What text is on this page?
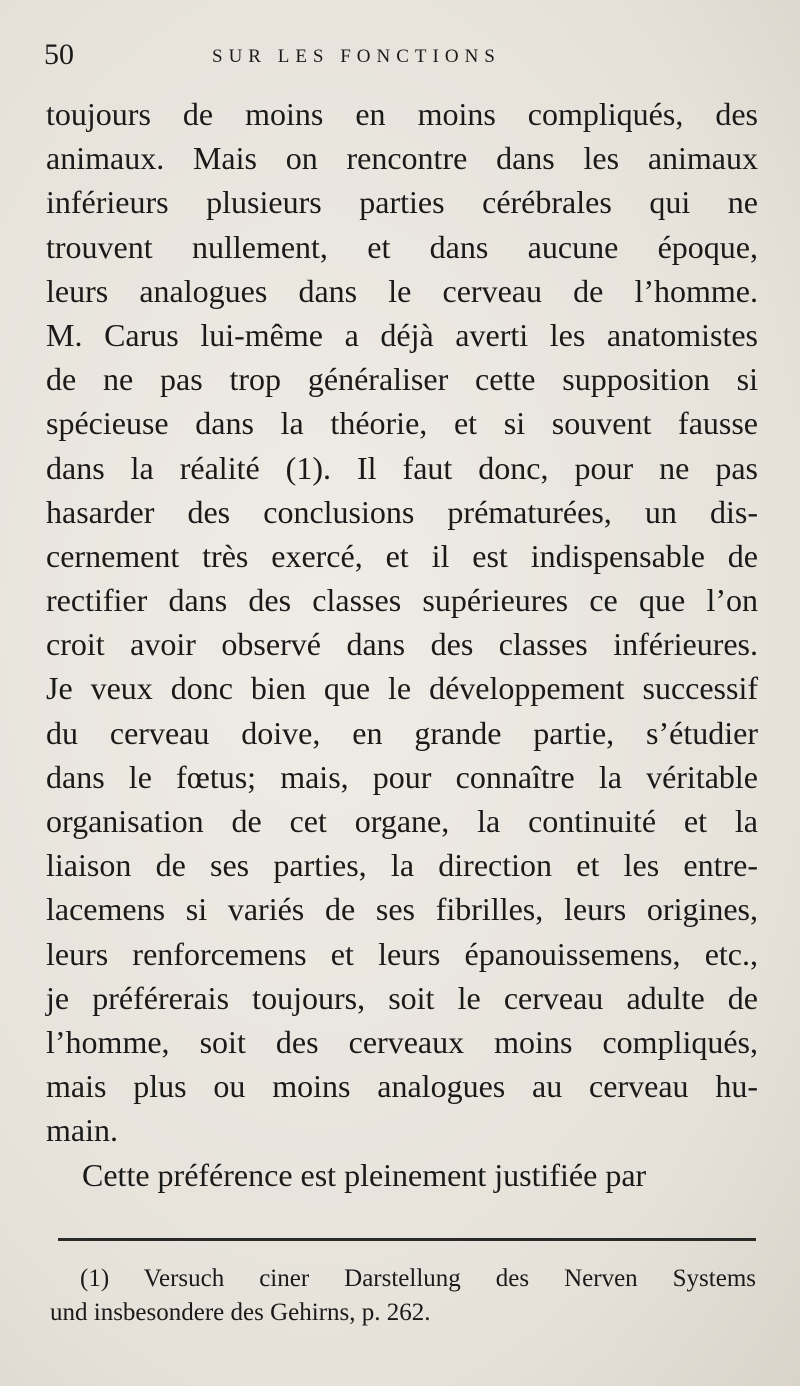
50	SUR LES FONCTIONS
toujours de moins en moins compliqués, des
animaux. Mais on rencontre dans les animaux
inférieurs plusieurs parties cérébrales qui ne
trouvent nullement, et dans aucune époque,
leurs analogues dans le cerveau de l’homme.
M. Carus lui-même a déjà averti les anatomistes
de ne pas trop généraliser cette supposition si
spécieuse dans la théorie, et si souvent fausse
dans la réalité (1). Il faut donc, pour ne pas
hasarder des conclusions prématurées, un dis-
cernement très exercé, et il est indispensable de
rectifier dans des classes supérieures ce que l’on
croit avoir observé dans des classes inférieures.
Je veux donc bien que le développement successif
du cerveau doive, en grande partie, s’étudier
dans le fœtus; mais, pour connaître la véritable
organisation de cet organe, la continuité et la
liaison de ses parties, la direction et les entre-
lacemens si variés de ses fibrilles, leurs origines,
leurs renforcemens et leurs épanouissemens, etc.,
je préférerais toujours, soit le cerveau adulte de
l’homme, soit des cerveaux moins compliqués,
mais plus ou moins analogues au cerveau hu-
main.
Cette préférence est pleinement justifiée par
(1) Versuch ciner Darstellung des Nerven Systems
und insbesondere des Gehirns, p. 262.
